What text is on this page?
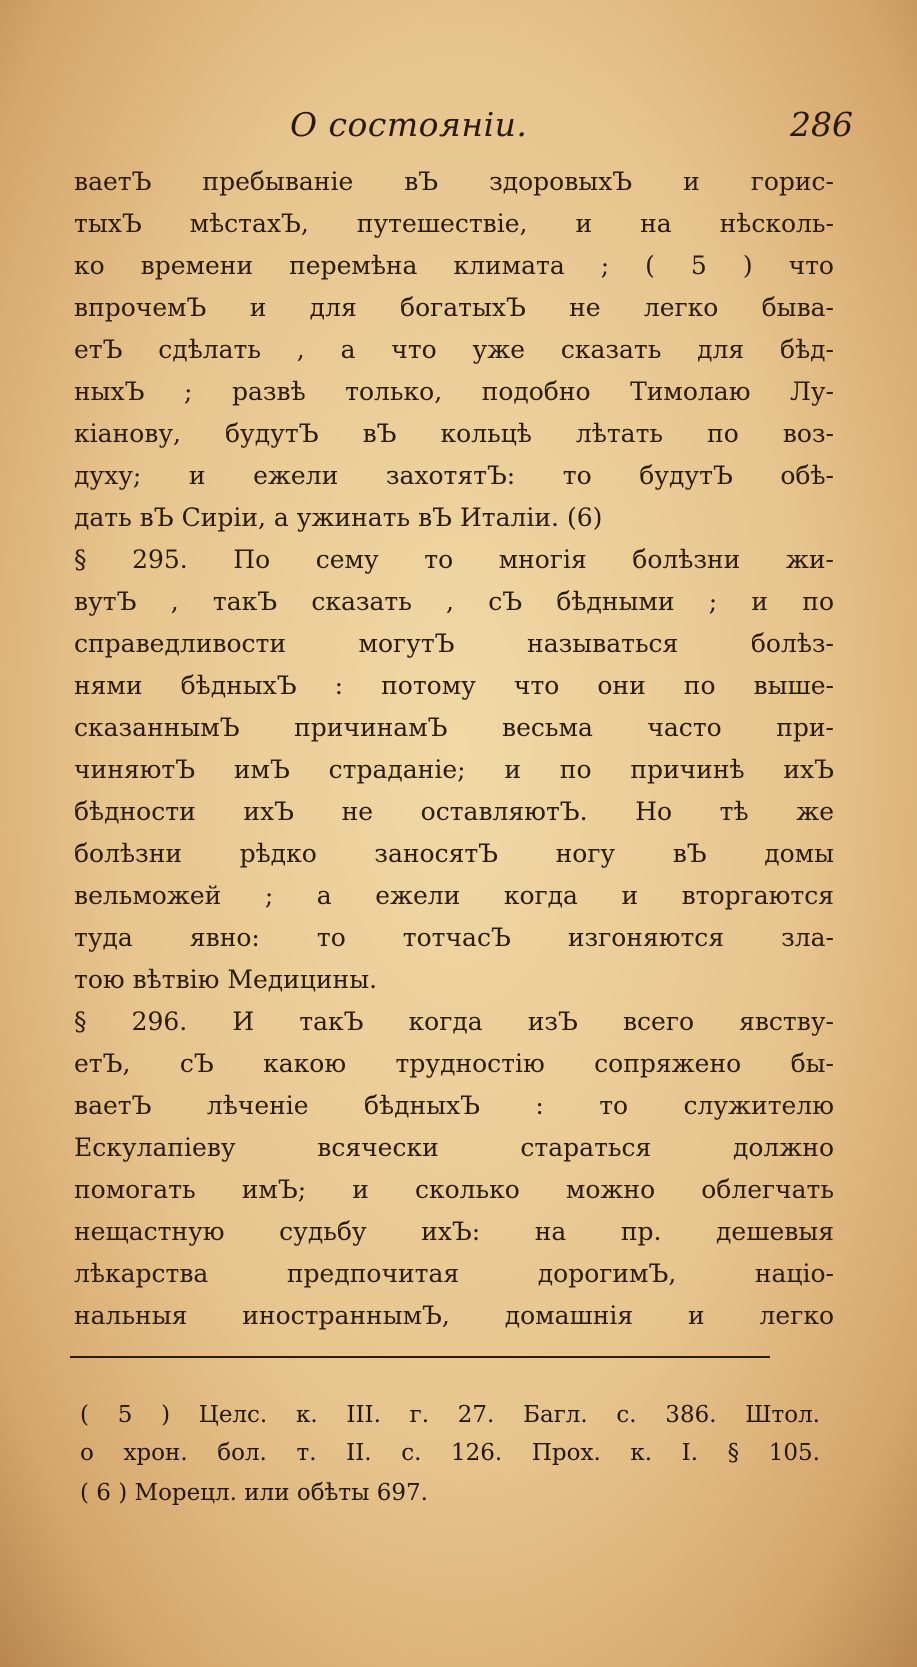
О состояніи.	286
ваетЪ пребываніе вЪ здоровыхЪ и горис-
тыхЪ мѣстахЪ, путешествіе, и на нѣсколь-
ко времени перемѣна климата ; ( 5 ) что
впрочемЪ и для богатыхЪ не легко быва-
етЪ сдѣлать , а что уже сказать для бѣд-
ныхЪ ; развѣ только, подобно Тимолаю Лу-
кіанову, будутЪ вЪ кольцѣ лѣтать по воз-
духу; и ежели захотятЪ: то будутЪ обѣ-
дать вЪ Сиріи, а ужинать вЪ Италіи. (6)
§ 295. По сему то многія болѣзни жи-
вутЪ , такЪ сказать , сЪ бѣдными ; и по
справедливости могутЪ называться болѣз-
нями бѣдныхЪ : потому что они по выше-
сказаннымЪ причинамЪ весьма часто при-
чиняютЪ имЪ страданіе; и по причинѣ ихЪ
бѣдности ихЪ не оставляютЪ. Но тѣ же
болѣзни рѣдко заносятЪ ногу вЪ домы
вельможей ; а ежели когда и вторгаются
туда явно: то тотчасЪ изгоняются зла-
тою вѣтвію Медицины.
§ 296. И такЪ когда изЪ всего явству-
етЪ, сЪ какою трудностію сопряжено бы-
ваетЪ лѣченіе бѣдныхЪ : то служителю
Ескулапіеву всячески стараться должно
помогать имЪ; и сколько можно облегчать
нещастную судьбу ихЪ: на пр. дешевыя
лѣкарства предпочитая дорогимЪ, націо-
нальныя иностраннымЪ, домашнія и легко
( 5 ) Целс. к. III. г. 27. Багл. с. 386. Штол.
о хрон. бол. т. II. с. 126. Прох. к. I. § 105.
( 6 ) Морецл. или обѣты 697.
